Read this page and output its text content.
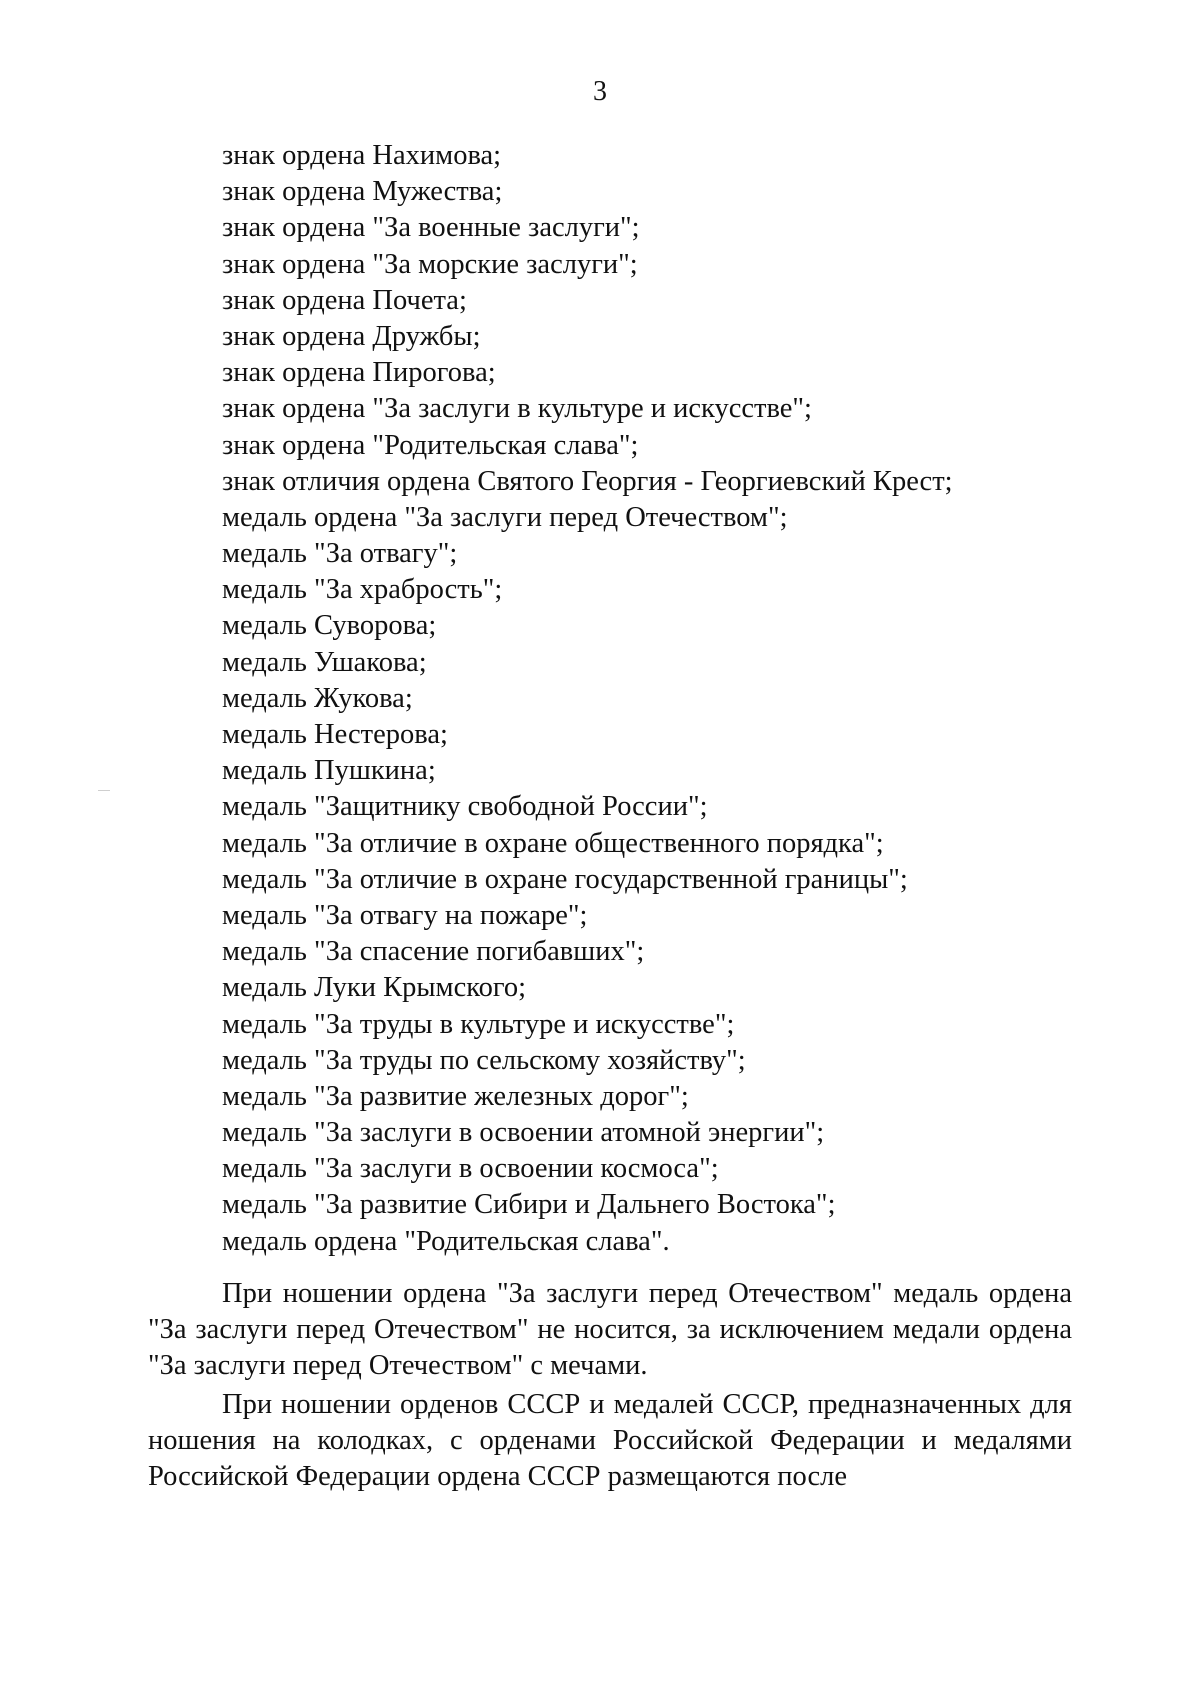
3
знак ордена Нахимова;
знак ордена Мужества;
знак ордена "За военные заслуги";
знак ордена "За морские заслуги";
знак ордена Почета;
знак ордена Дружбы;
знак ордена Пирогова;
знак ордена "За заслуги в культуре и искусстве";
знак ордена "Родительская слава";
знак отличия ордена Святого Георгия - Георгиевский Крест;
медаль ордена "За заслуги перед Отечеством";
медаль "За отвагу";
медаль "За храбрость";
медаль Суворова;
медаль Ушакова;
медаль Жукова;
медаль Нестерова;
медаль Пушкина;
медаль "Защитнику свободной России";
медаль "За отличие в охране общественного порядка";
медаль "За отличие в охране государственной границы";
медаль "За отвагу на пожаре";
медаль "За спасение погибавших";
медаль Луки Крымского;
медаль "За труды в культуре и искусстве";
медаль "За труды по сельскому хозяйству";
медаль "За развитие железных дорог";
медаль "За заслуги в освоении атомной энергии";
медаль "За заслуги в освоении космоса";
медаль "За развитие Сибири и Дальнего Востока";
медаль ордена "Родительская слава".

При ношении ордена "За заслуги перед Отечеством" медаль ордена "За заслуги перед Отечеством" не носится, за исключением медали ордена "За заслуги перед Отечеством" с мечами.

При ношении орденов СССР и медалей СССР, предназначенных для ношения на колодках, с орденами Российской Федерации и медалями Российской Федерации ордена СССР размещаются после
